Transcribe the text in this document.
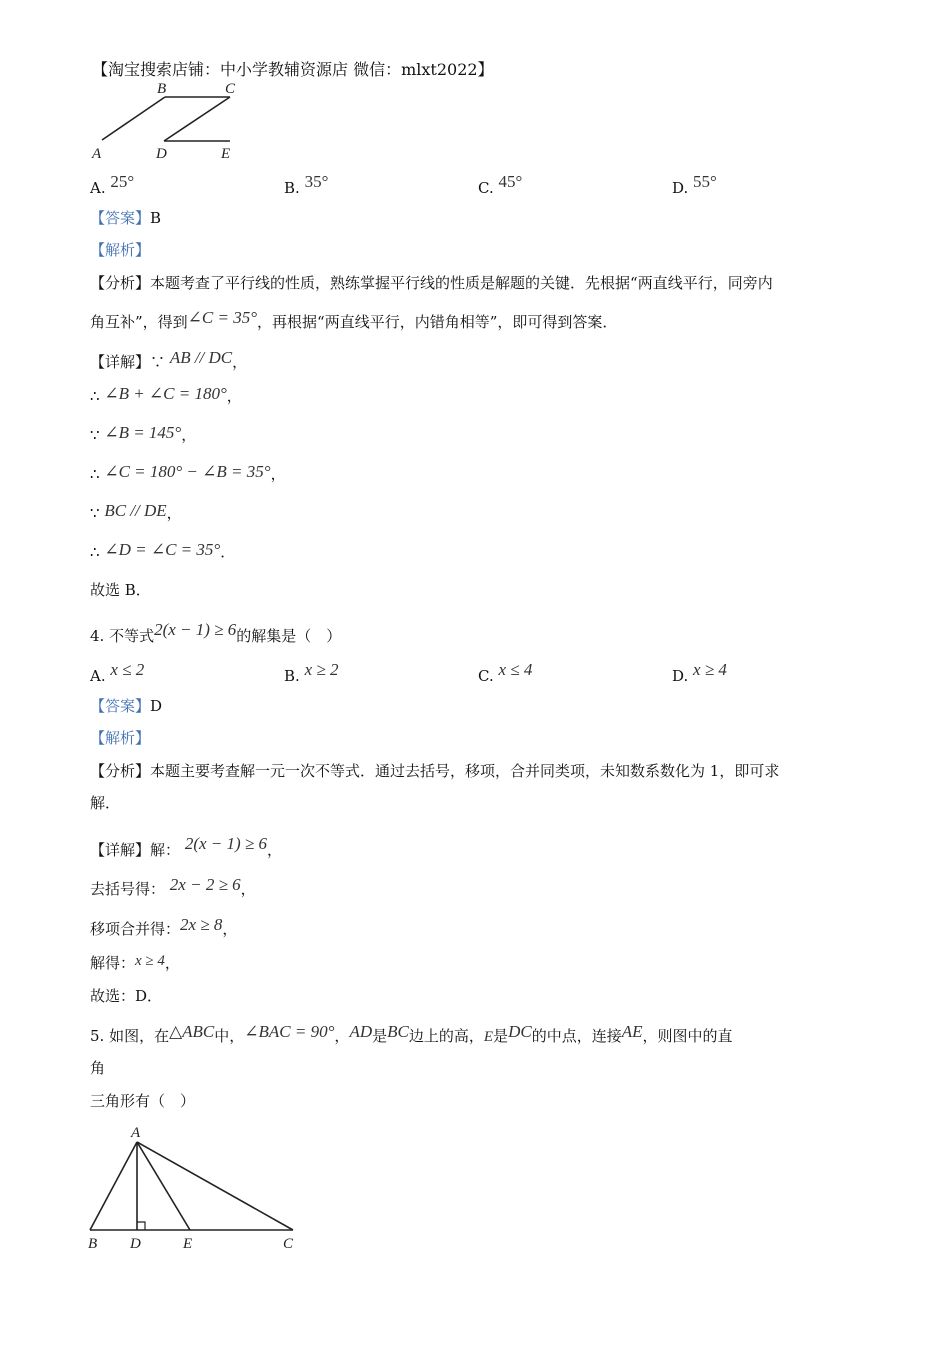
【淘宝搜索店铺：中小学教辅资源店 微信：mlxt2022】
A
B	C
D	E
A. 25°	B. 35°	C. 45°	D. 55°
【答案】B
【解析】
【分析】本题考查了平行线的性质，熟练掌握平行线的性质是解题的关键．先根据“两直线平行，同旁内
角互补”，得到∠C = 35°，再根据“两直线平行，内错角相等”，即可得到答案．
【详解】∵ AB // DC，
∴ ∠B + ∠C = 180°，
∵ ∠B = 145°，
∴ ∠C = 180° − ∠B = 35°，
∵ BC // DE，
∴ ∠D = ∠C = 35°．
故选 B．
4. 不等式2(x − 1) ≥ 6的解集是（　）
A. x ≤ 2	B. x ≥ 2	C. x ≤ 4	D. x ≥ 4
【答案】D
【解析】
【分析】本题主要考查解一元一次不等式．通过去括号，移项，合并同类项，未知数系数化为 1，即可求
解．
【详解】解： 2(x − 1) ≥ 6，
去括号得： 2x − 2 ≥ 6，
移项合并得：2x ≥ 8，
解得：x ≥ 4，
故选：D．
5. 如图，在△ABC中，∠BAC = 90°，AD是BC边上的高，E是DC的中点，连接AE，则图中的直
角
三角形有（　）
A
B D	E	C
